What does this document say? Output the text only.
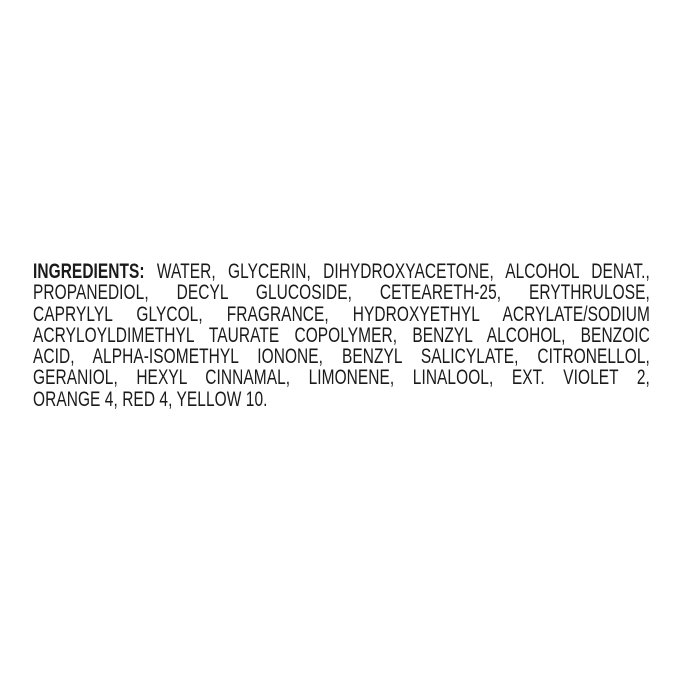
INGREDIENTS: WATER, GLYCERIN, DIHYDROXYACETONE, ALCOHOL DENAT.,
PROPANEDIOL, DECYL GLUCOSIDE, CETEARETH-25, ERYTHRULOSE,
CAPRYLYL GLYCOL, FRAGRANCE, HYDROXYETHYL ACRYLATE/SODIUM
ACRYLOYLDIMETHYL TAURATE COPOLYMER, BENZYL ALCOHOL, BENZOIC
ACID, ALPHA-ISOMETHYL IONONE, BENZYL SALICYLATE, CITRONELLOL,
GERANIOL, HEXYL CINNAMAL, LIMONENE, LINALOOL, EXT. VIOLET 2,
ORANGE 4, RED 4, YELLOW 10.
